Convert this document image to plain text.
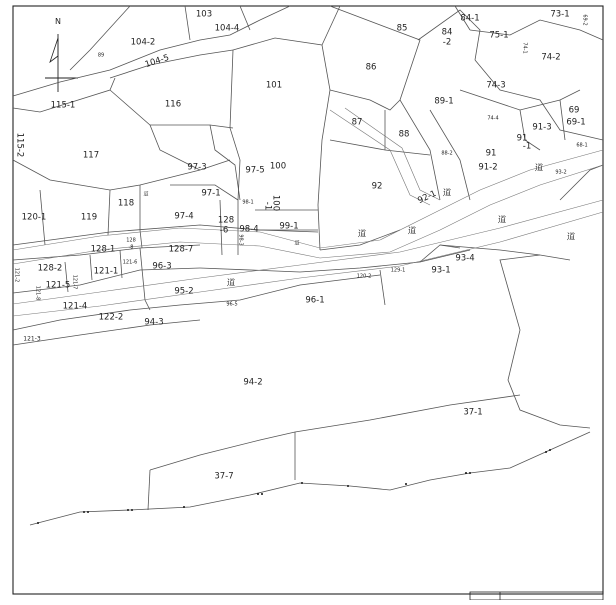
N
103
104-4
104-2
104-5
85
84-1
84
-2
75-1
73-1
74-2
86
101
116
115-1
74-3
89-1
87
88
69
69-1
91-3
91
-1
115-2	117	91
91-2
97-3	100
97-5
92
97-1	92-1
118	100
-1
120-1	119	97-4	128
-6	99-1
98-4
128-1	128-7
93-4
96-3
128-2	121-1	93-1
121-5
95-2
96-1
121-4
122-2 94-3
121-3
94-2
37-1
37-7
74-1
74-4
88-2
68-1
93-2
98-1
98-3
128
-8
121-6
120-2
129-1
96-5
121-7
121-2
121-8
69-2
89
道
道
道
道
道	道
道
道
道
